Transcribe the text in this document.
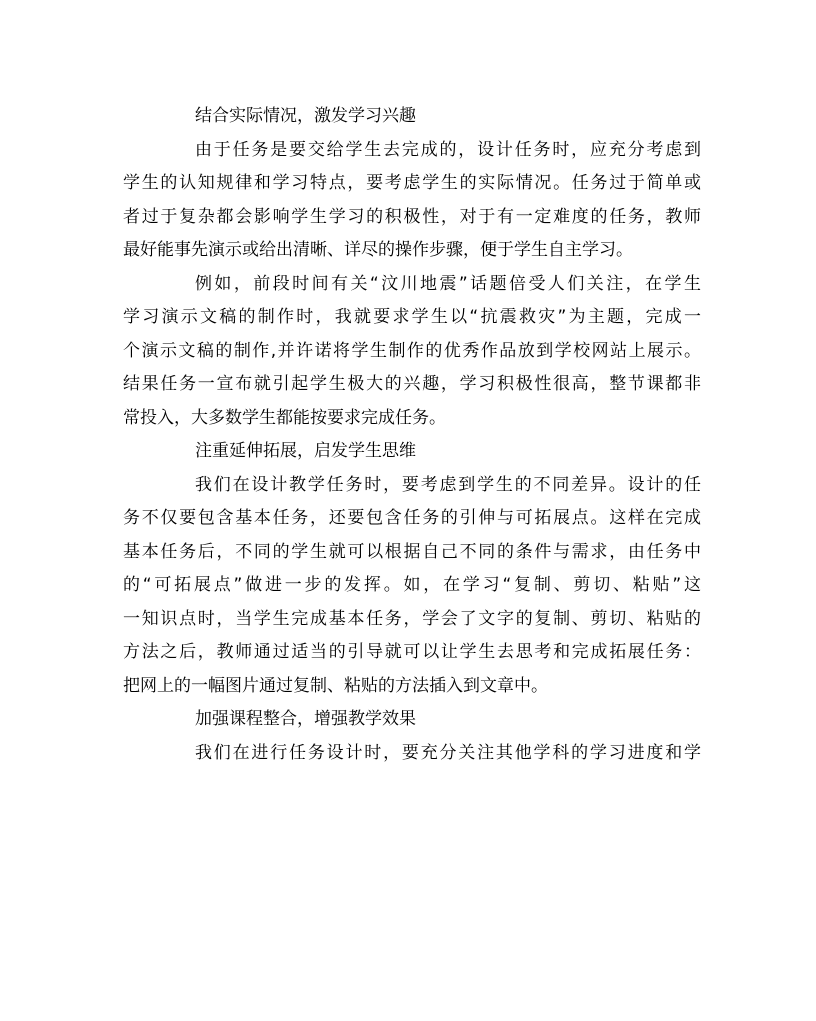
结合实际情况，激发学习兴趣
由于任务是要交给学生去完成的，设计任务时，应充分考虑到
学生的认知规律和学习特点，要考虑学生的实际情况。任务过于简单或
者过于复杂都会影响学生学习的积极性，对于有一定难度的任务，教师
最好能事先演示或给出清晰、详尽的操作步骤，便于学生自主学习。
例如，前段时间有关“汶川地震”话题倍受人们关注，在学生
学习演示文稿的制作时，我就要求学生以“抗震救灾”为主题，完成一
个演示文稿的制作,并许诺将学生制作的优秀作品放到学校网站上展示。
结果任务一宣布就引起学生极大的兴趣，学习积极性很高，整节课都非
常投入，大多数学生都能按要求完成任务。
注重延伸拓展，启发学生思维
我们在设计教学任务时，要考虑到学生的不同差异。设计的任
务不仅要包含基本任务，还要包含任务的引伸与可拓展点。这样在完成
基本任务后，不同的学生就可以根据自己不同的条件与需求，由任务中
的“可拓展点”做进一步的发挥。如，在学习“复制、剪切、粘贴”这
一知识点时，当学生完成基本任务，学会了文字的复制、剪切、粘贴的
方法之后，教师通过适当的引导就可以让学生去思考和完成拓展任务：
把网上的一幅图片通过复制、粘贴的方法插入到文章中。
加强课程整合，增强教学效果
我们在进行任务设计时，要充分关注其他学科的学习进度和学
